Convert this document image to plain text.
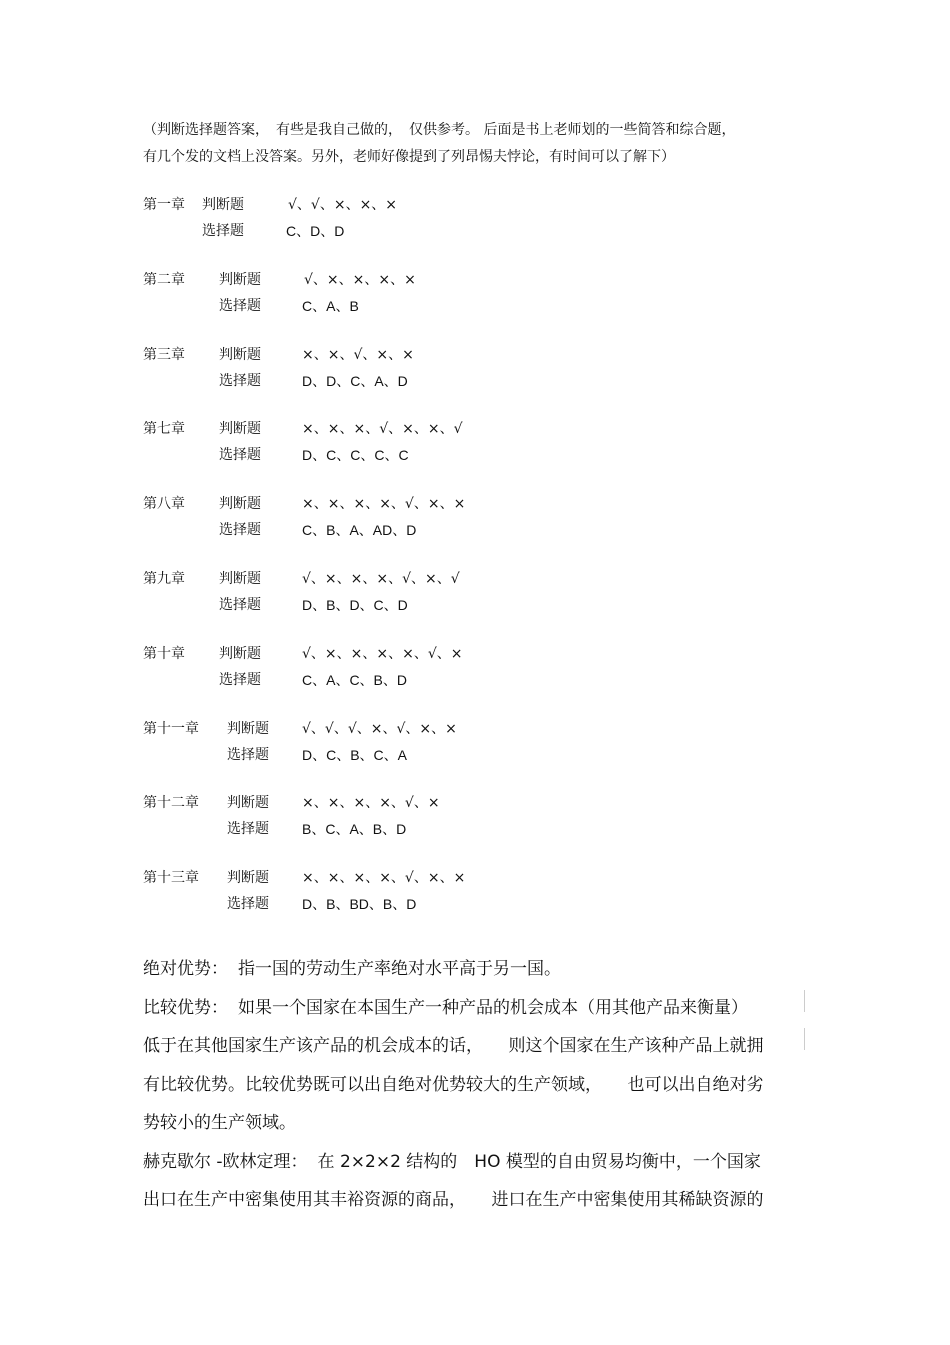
（判断选择题答案，　有些是我自己做的，　仅供参考。 后面是书上老师划的一些简答和综合题，

有几个发的文档上没答案。另外，老师好像提到了列昂惕夫悖论，有时间可以了解下）

第一章 判断题	√、√、×、×、×
选择题	C、D、D
第二章 判断题	√、×、×、×、×
选择题	C、A、B
第三章 判断题	×、×、√、×、×
选择题	D、D、C、A、D
第七章 判断题	×、×、×、√、×、×、√
选择题	D、C、C、C、C
第八章 判断题	×、×、×、×、√、×、×
选择题	C、B、A、AD、D
第九章 判断题	√、×、×、×、√、×、√
选择题	D、B、D、C、D
第十章 判断题	√、×、×、×、×、√、×
选择题	C、A、C、B、D
第十一章 判断题 √、√、√、×、√、×、×
选择题 D、C、B、C、A
第十二章 判断题 ×、×、×、×、√、×
选择题 B、C、A、B、D
第十三章 判断题 ×、×、×、×、√、×、×
选择题 D、B、BD、B、D

绝对优势： 指一国的劳动生产率绝对水平高于另一国。

比较优势： 如果一个国家在本国生产一种产品的机会成本（用其他产品来衡量）

低于在其他国家生产该产品的机会成本的话，　　则这个国家在生产该种产品上就拥

有比较优势。比较优势既可以出自绝对优势较大的生产领域，　　也可以出自绝对劣

势较小的生产领域。

赫克歇尔 -欧林定理： 在 2×2×2 结构的　HO 模型的自由贸易均衡中，一个国家

出口在生产中密集使用其丰裕资源的商品，　　进口在生产中密集使用其稀缺资源的
